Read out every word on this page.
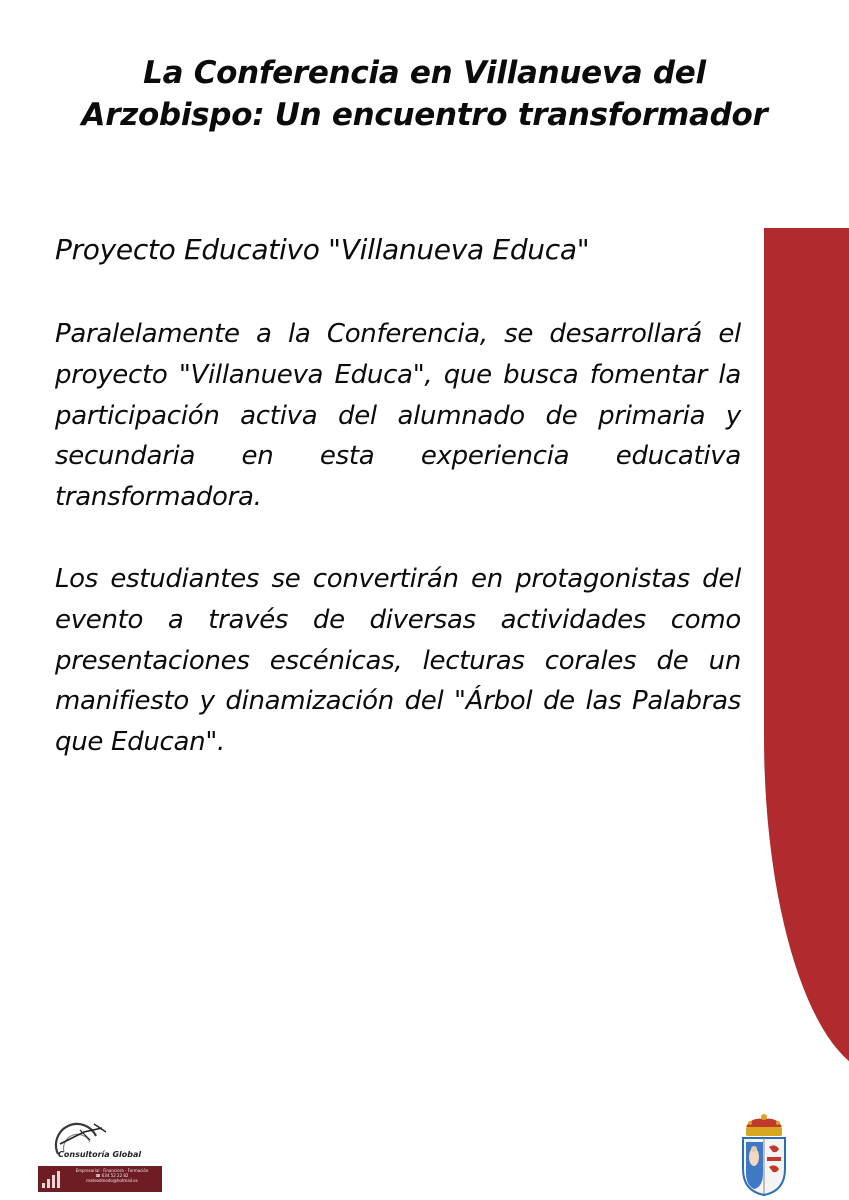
La Conferencia en Villanueva del
Arzobispo: Un encuentro transformador
Proyecto Educativo "Villanueva Educa"

Paralelamente a la Conferencia, se desarrollará el proyecto "Villanueva Educa", que busca fomentar la participación activa del alumnado de primaria y secundaria en esta experiencia educativa transformadora.

Los estudiantes se convertirán en protagonistas del evento a través de diversas actividades como presentaciones escénicas, lecturas corales de un manifiesto y dinamización del "Árbol de las Palabras que Educan".

Consultoría Global
Empresarial · Financiera · Formación
☎ 634 52 22 82
mateodmedo@hotmail.es
